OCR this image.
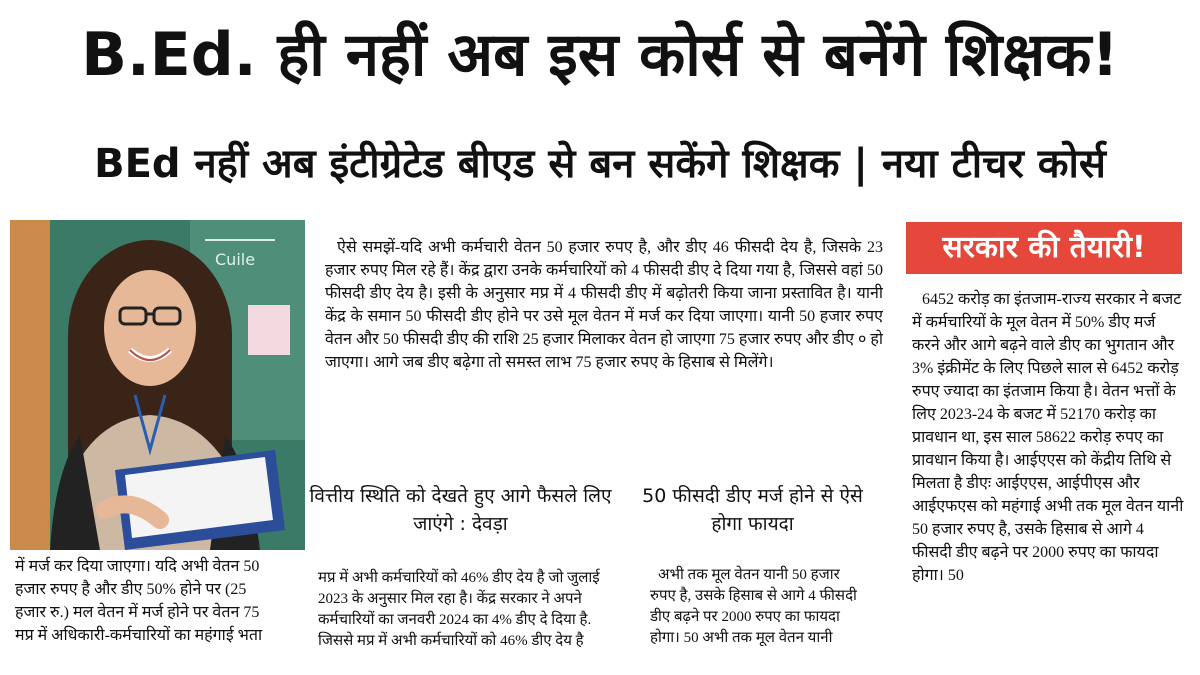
B.Ed. ही नहीं अब इस कोर्स से बनेंगे शिक्षक!
BEd नहीं अब इंटीग्रेटेड बीएड से बन सकेंगे शिक्षक | नया टीचर कोर्स
Cuile
ऐसे समझें-यदि अभी कर्मचारी वेतन 50 हजार रुपए है, और डीए 46 फीसदी देय है, जिसके 23 हजार रुपए मिल रहे हैं। केंद्र द्वारा उनके कर्मचारियों को 4 फीसदी डीए दे दिया गया है, जिससे वहां 50 फीसदी डीए देय है। इसी के अनुसार मप्र में 4 फीसदी डीए में बढ़ोतरी किया जाना प्रस्तावित है। यानी केंद्र के समान 50 फीसदी डीए होने पर उसे मूल वेतन में मर्ज कर दिया जाएगा। यानी 50 हजार रुपए वेतन और 50 फीसदी डीए की राशि 25 हजार मिलाकर वेतन हो जाएगा 75 हजार रुपए और डीए ० हो जाएगा। आगे जब डीए बढ़ेगा तो समस्त लाभ 75 हजार रुपए के हिसाब से मिलेंगे।
में मर्ज कर दिया जाएगा। यदि अभी वेतन 50 हजार रुपए है और डीए 50% होने पर (25 हजार रु.) मल वेतन में मर्ज होने पर वेतन 75 मप्र में अधिकारी-कर्मचारियों का महंगाई भता
वित्तीय स्थिति को देखते हुए आगे फैसले लिए जाएंगे : देवड़ा
मप्र में अभी कर्मचारियों को 46% डीए देय है जो जुलाई 2023 के अनुसार मिल रहा है। केंद्र सरकार ने अपने कर्मचारियों का जनवरी 2024 का 4% डीए दे दिया है. जिससे मप्र में अभी कर्मचारियों को 46% डीए देय है
50 फीसदी डीए मर्ज होने से ऐसे होगा फायदा
अभी तक मूल वेतन यानी 50 हजार रुपए है, उसके हिसाब से आगे 4 फीसदी डीए बढ़ने पर 2000 रुपए का फायदा होगा। 50 अभी तक मूल वेतन यानी
सरकार की तैयारी!
6452 करोड़ का इंतजाम-राज्य सरकार ने बजट में कर्मचारियों के मूल वेतन में 50% डीए मर्ज करने और आगे बढ़ने वाले डीए का भुगतान और 3% इंक्रीमेंट के लिए पिछले साल से 6452 करोड़ रुपए ज्यादा का इंतजाम किया है। वेतन भत्तों के लिए 2023-24 के बजट में 52170 करोड़ का प्रावधान था, इस साल 58622 करोड़ रुपए का प्रावधान किया है। आईएएस को केंद्रीय तिथि से मिलता है डीएः आईएएस, आईपीएस और आईएफएस को महंगाई अभी तक मूल वेतन यानी 50 हजार रुपए है, उसके हिसाब से आगे 4 फीसदी डीए बढ़ने पर 2000 रुपए का फायदा होगा। 50
